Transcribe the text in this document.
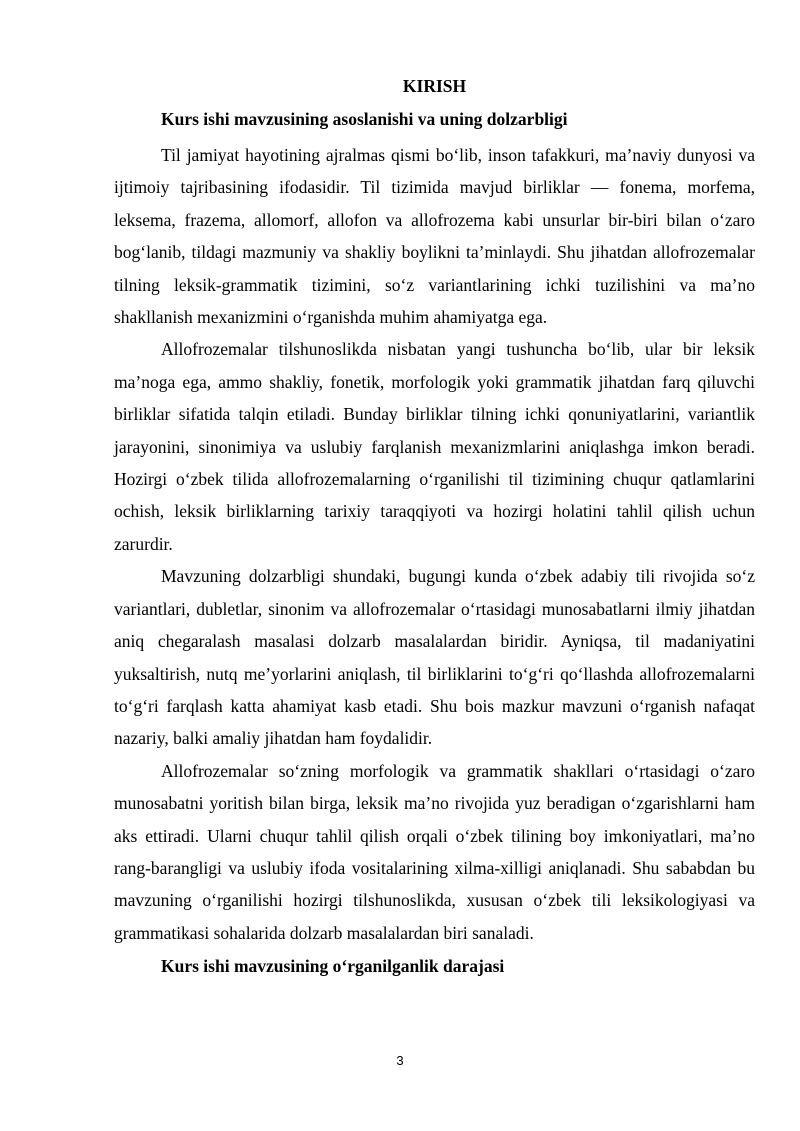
KIRISH
Kurs ishi mavzusining asoslanishi va uning dolzarbligi

Til jamiyat hayotining ajralmas qismi bo‘lib, inson tafakkuri, ma’naviy dunyosi va ijtimoiy tajribasining ifodasidir. Til tizimida mavjud birliklar — fonema, morfema, leksema, frazema, allomorf, allofon va allofrozema kabi unsurlar bir-biri bilan o‘zaro bog‘lanib, tildagi mazmuniy va shakliy boylikni ta’minlaydi. Shu jihatdan allofrozemalar tilning leksik-grammatik tizimini, so‘z variantlarining ichki tuzilishini va ma’no shakllanish mexanizmini o‘rganishda muhim ahamiyatga ega.

Allofrozemalar tilshunoslikda nisbatan yangi tushuncha bo‘lib, ular bir leksik ma’noga ega, ammo shakliy, fonetik, morfologik yoki grammatik jihatdan farq qiluvchi birliklar sifatida talqin etiladi. Bunday birliklar tilning ichki qonuniyatlarini, variantlik jarayonini, sinonimiya va uslubiy farqlanish mexanizmlarini aniqlashga imkon beradi. Hozirgi o‘zbek tilida allofrozemalarning o‘rganilishi til tizimining chuqur qatlamlarini ochish, leksik birliklarning tarixiy taraqqiyoti va hozirgi holatini tahlil qilish uchun zarurdir.

Mavzuning dolzarbligi shundaki, bugungi kunda o‘zbek adabiy tili rivojida so‘z variantlari, dubletlar, sinonim va allofrozemalar o‘rtasidagi munosabatlarni ilmiy jihatdan aniq chegaralash masalasi dolzarb masalalardan biridir. Ayniqsa, til madaniyatini yuksaltirish, nutq me’yorlarini aniqlash, til birliklarini to‘g‘ri qo‘llashda allofrozemalarni to‘g‘ri farqlash katta ahamiyat kasb etadi. Shu bois mazkur mavzuni o‘rganish nafaqat nazariy, balki amaliy jihatdan ham foydalidir.

Allofrozemalar so‘zning morfologik va grammatik shakllari o‘rtasidagi o‘zaro munosabatni yoritish bilan birga, leksik ma’no rivojida yuz beradigan o‘zgarishlarni ham aks ettiradi. Ularni chuqur tahlil qilish orqali o‘zbek tilining boy imkoniyatlari, ma’no rang-barangligi va uslubiy ifoda vositalarining xilma-xilligi aniqlanadi. Shu sababdan bu mavzuning o‘rganilishi hozirgi tilshunoslikda, xususan o‘zbek tili leksikologiyasi va grammatikasi sohalarida dolzarb masalalardan biri sanaladi.

Kurs ishi mavzusining o‘rganilganlik darajasi
3
